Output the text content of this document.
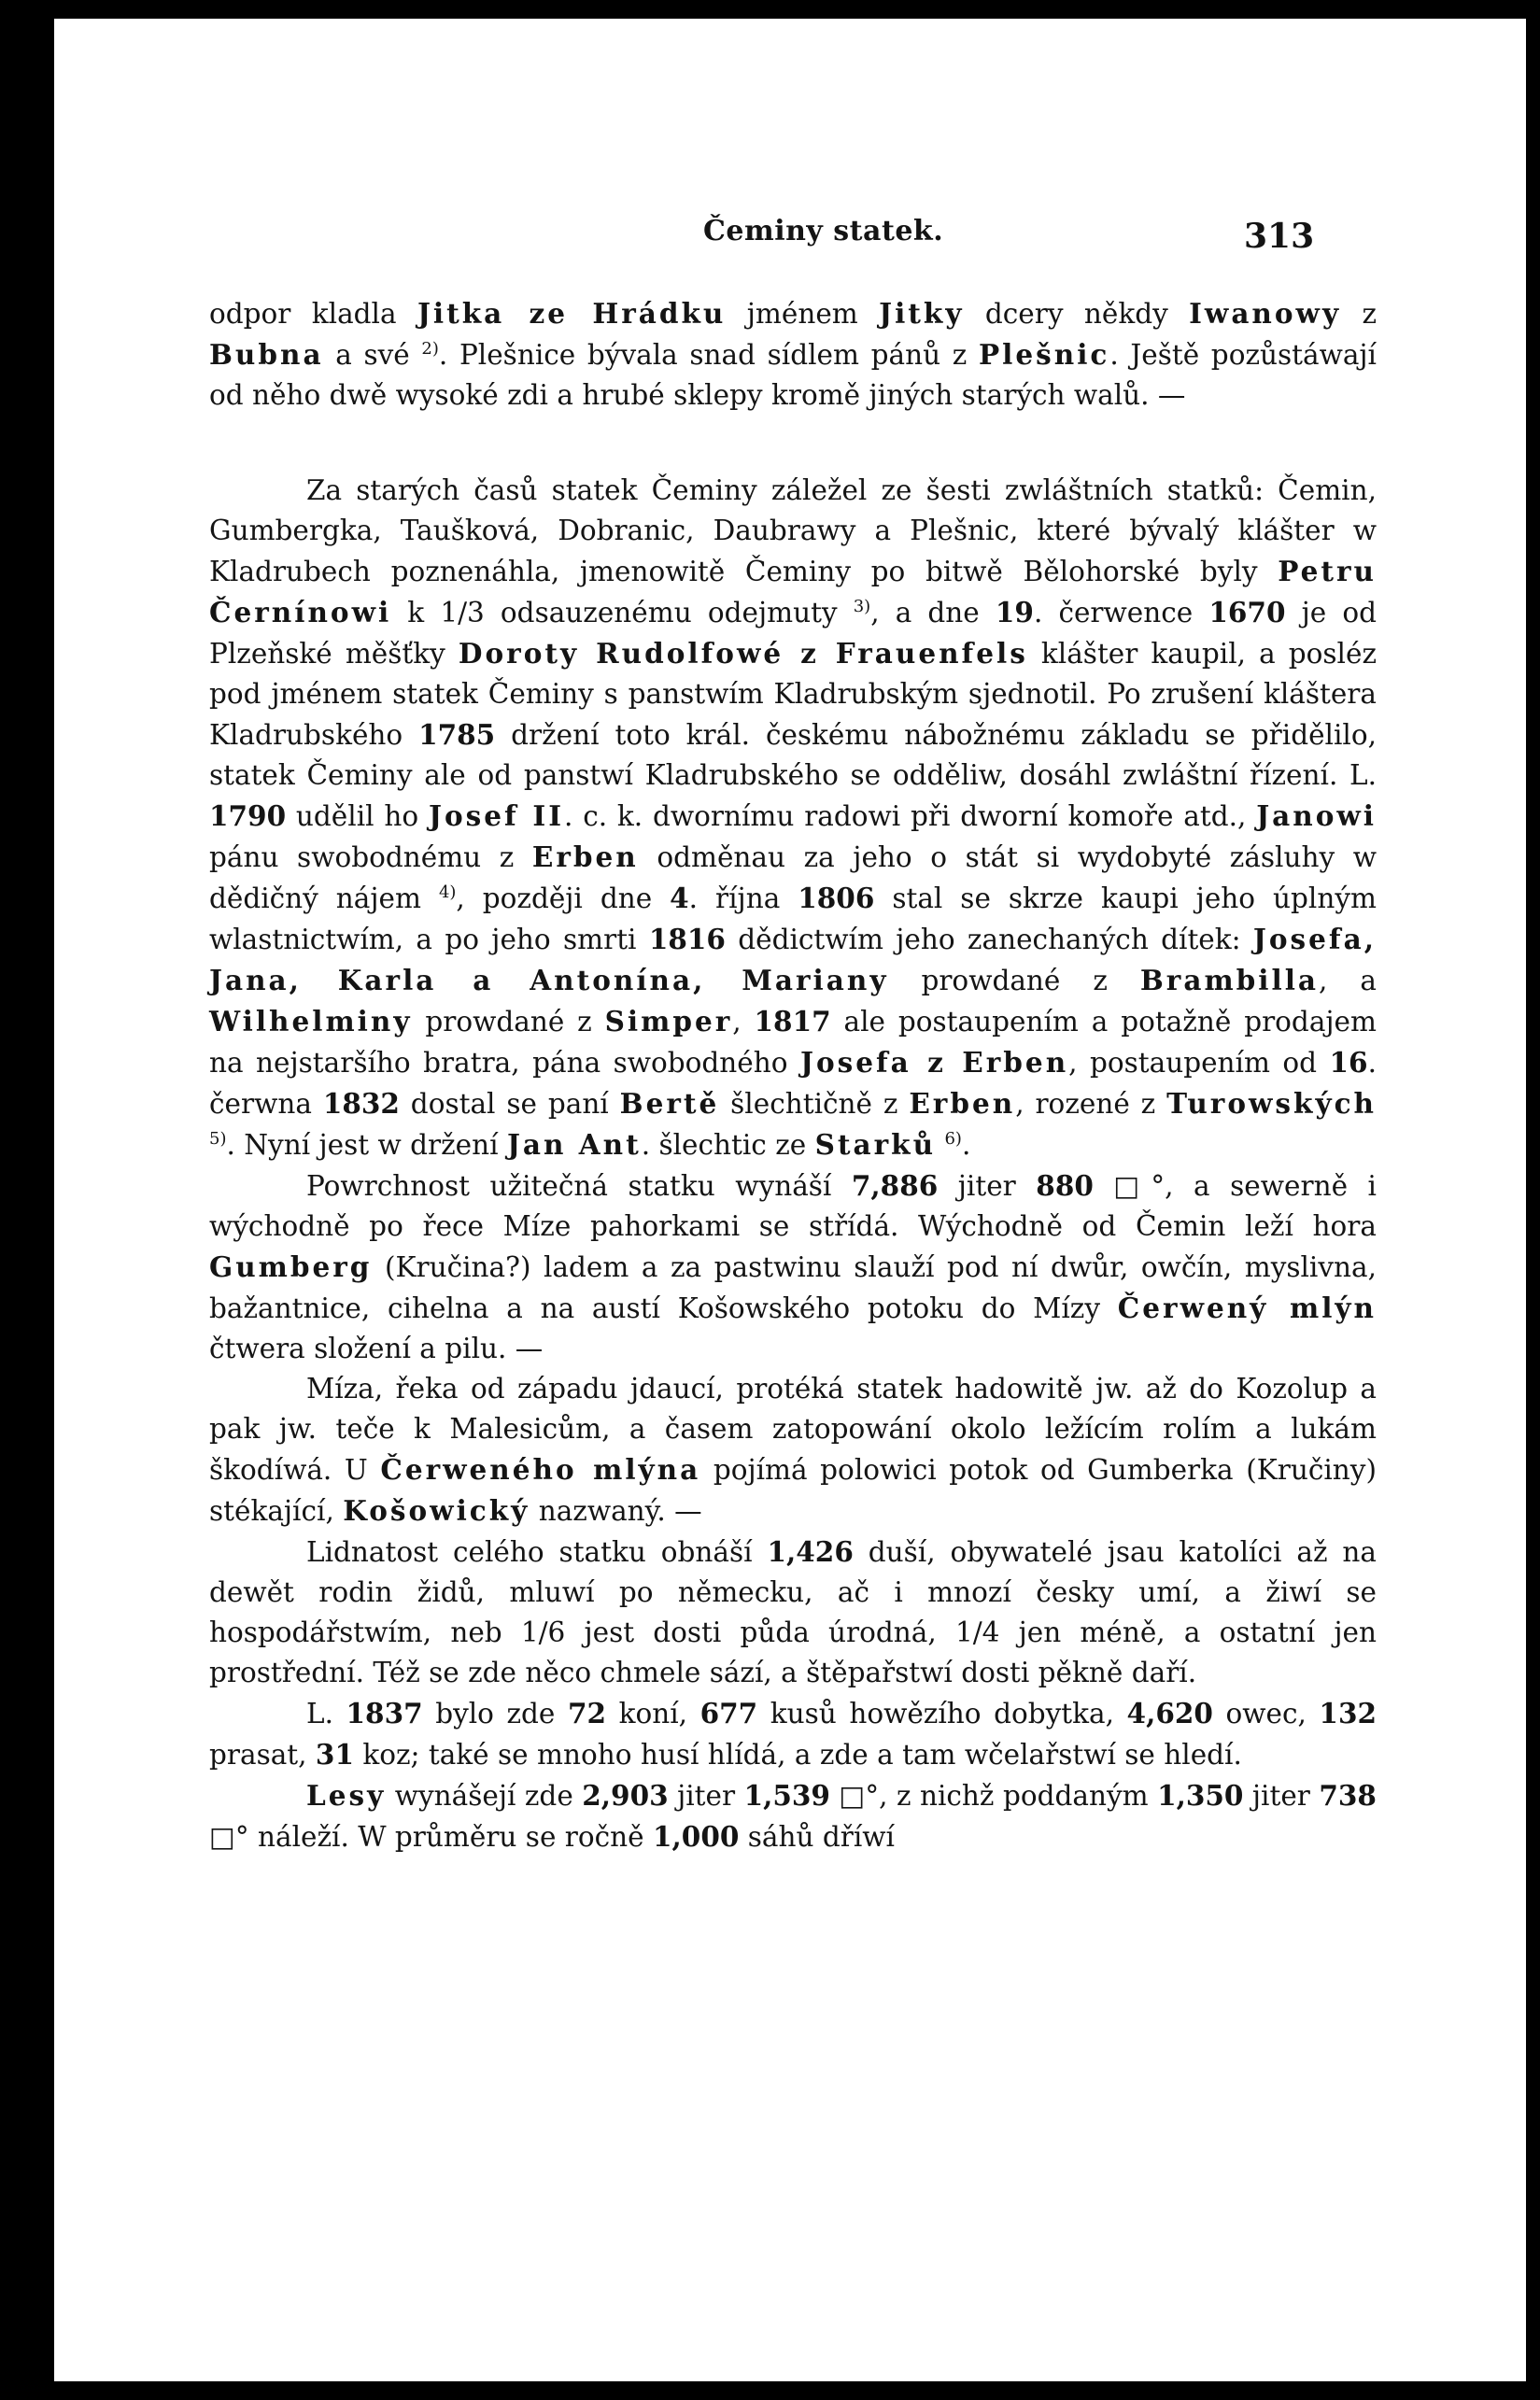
Čeminy statek.	313

odpor kladla Jitka ze Hrádku jménem Jitky dcery někdy Iwanowy z Bubna a své $^{2)}$. Plešnice bývala snad sídlem pánů z Plešnic. Ještě pozůstáwají od něho dwě wysoké zdi a hrubé sklepy kromě jiných starých walů. —

Za starých časů statek Čeminy záležel ze šesti zwláštních statků: Čemin, Gumbergka, Taušková, Dobranic, Daubrawy a Plešnic, které bývalý klášter w Kladrubech poznenáhla, jmenowitě Čeminy po bitwě Bělohorské byly Petru Černínowi k 1/3 odsauzenému odejmuty $^{3)}$, a dne 19. čerwence 1670 je od Plzeňské měšťky Doroty Rudolfowé z Frauenfels klášter kaupil, a posléz pod jménem statek Čeminy s panstwím Kladrubským sjednotil. Po zrušení kláštera Kladrubského 1785 držení toto král. českému nábožnému základu se přidělilo, statek Čeminy ale od panstwí Kladrubského se odděliw, dosáhl zwláštní řízení. L. 1790 udělil ho Josef II. c. k. dwornímu radowi při dworní komoře atd., Janowi pánu swobodnému z Erben odměnau za jeho o stát si wydobyté zásluhy w dědičný nájem $^{4)}$, později dne 4. října 1806 stal se skrze kaupi jeho úplným wlastnictwím, a po jeho smrti 1816 dědictwím jeho zanechaných dítek: Josefa, Jana, Karla a Antonína, Mariany prowdané z Brambilla, a Wilhelminy prowdané z Simper, 1817 ale postaupením a potažně prodajem na nejstaršího bratra, pána swobodného Josefa z Erben, postaupením od 16. čerwna 1832 dostal se paní Bertě šlechtičně z Erben, rozené z Turowských $^{5)}$. Nyní jest w držení Jan Ant. šlechtic ze Starků $^{6)}$.

Powrchnost užitečná statku wynáší 7,886 jiter 880 □°, a sewerně i wýchodně po řece Míze pahorkami se střídá. Wýchodně od Čemin leží hora Gumberg (Kručina?) ladem a za pastwinu slauží pod ní dwůr, owčín, myslivna, bažantnice, cihelna a na austí Košowského potoku do Mízy Čerwený mlýn čtwera složení a pilu. —

Míza, řeka od západu jdaucí, protéká statek hadowitě jw. až do Kozolup a pak jw. teče k Malesicům, a časem zatopowání okolo ležícím rolím a lukám škodíwá. U Čerweného mlýna pojímá polowici potok od Gumberka (Kručiny) stékající, Košowický nazwaný. —

Lidnatost celého statku obnáší 1,426 duší, obywatelé jsau katolíci až na dewět rodin židů, mluwí po německu, ač i mnozí česky umí, a žiwí se hospodářstwím, neb 1/6 jest dosti půda úrodná, 1/4 jen méně, a ostatní jen prostřední. Též se zde něco chmele sází, a štěpařstwí dosti pěkně daří.

L. 1837 bylo zde 72 koní, 677 kusů howězího dobytka, 4,620 owec, 132 prasat, 31 koz; také se mnoho husí hlídá, a zde a tam wčelařstwí se hledí.

Lesy wynášejí zde 2,903 jiter 1,539 □°, z nichž poddaným 1,350 jiter 738 □° náleží. W průměru se ročně 1,000 sáhů dříwí
